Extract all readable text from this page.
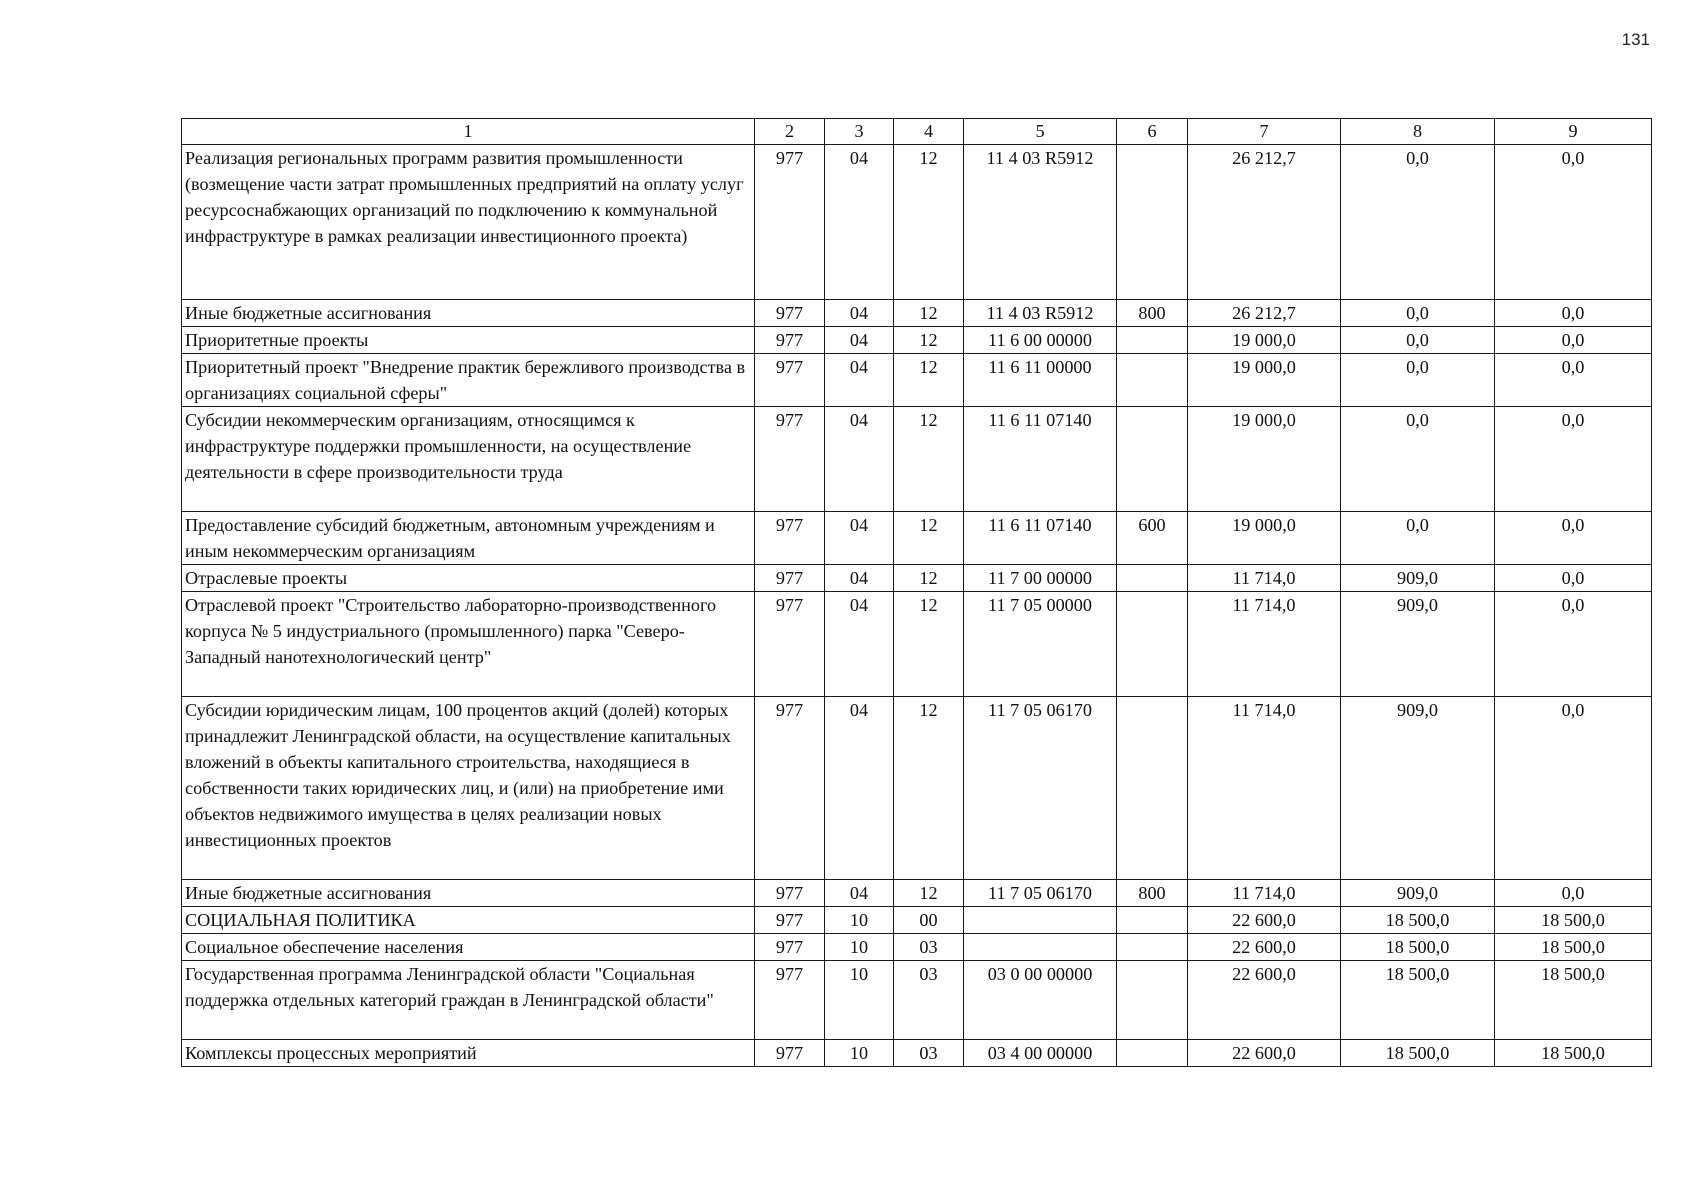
131
1	2	3	4	5	6	7	8	9
Реализация региональных программ развития промышленности (возмещение части затрат промышленных предприятий на оплату услуг ресурсоснабжающих организаций по подключению к коммунальной инфраструктуре в рамках реализации инвестиционного проекта)	977	04	12	11 4 03 R5912		26 212,7	0,0	0,0
Иные бюджетные ассигнования	977	04	12	11 4 03 R5912	800	26 212,7	0,0	0,0
Приоритетные проекты	977	04	12	11 6 00 00000		19 000,0	0,0	0,0
Приоритетный проект "Внедрение практик бережливого производства в организациях социальной сферы"	977	04	12	11 6 11 00000		19 000,0	0,0	0,0
Субсидии некоммерческим организациям, относящимся к инфраструктуре поддержки промышленности, на осуществление деятельности в сфере производительности труда	977	04	12	11 6 11 07140		19 000,0	0,0	0,0
Предоставление субсидий бюджетным, автономным учреждениям и иным некоммерческим организациям	977	04	12	11 6 11 07140	600	19 000,0	0,0	0,0
Отраслевые проекты	977	04	12	11 7 00 00000		11 714,0	909,0	0,0
Отраслевой проект "Строительство лабораторно-производственного корпуса № 5 индустриального (промышленного) парка "Северо-Западный нанотехнологический центр"	977	04	12	11 7 05 00000		11 714,0	909,0	0,0
Субсидии юридическим лицам, 100 процентов акций (долей) которых принадлежит Ленинградской области, на осуществление капитальных вложений в объекты капитального строительства, находящиеся в собственности таких юридических лиц, и (или) на приобретение ими объектов недвижимого имущества в целях реализации новых инвестиционных проектов	977	04	12	11 7 05 06170		11 714,0	909,0	0,0
Иные бюджетные ассигнования	977	04	12	11 7 05 06170	800	11 714,0	909,0	0,0
СОЦИАЛЬНАЯ ПОЛИТИКА	977	10	00			22 600,0	18 500,0	18 500,0
Социальное обеспечение населения	977	10	03			22 600,0	18 500,0	18 500,0
Государственная программа Ленинградской области "Социальная поддержка отдельных категорий граждан в Ленинградской области"	977	10	03	03 0 00 00000		22 600,0	18 500,0	18 500,0
Комплексы процессных мероприятий	977	10	03	03 4 00 00000		22 600,0	18 500,0	18 500,0
